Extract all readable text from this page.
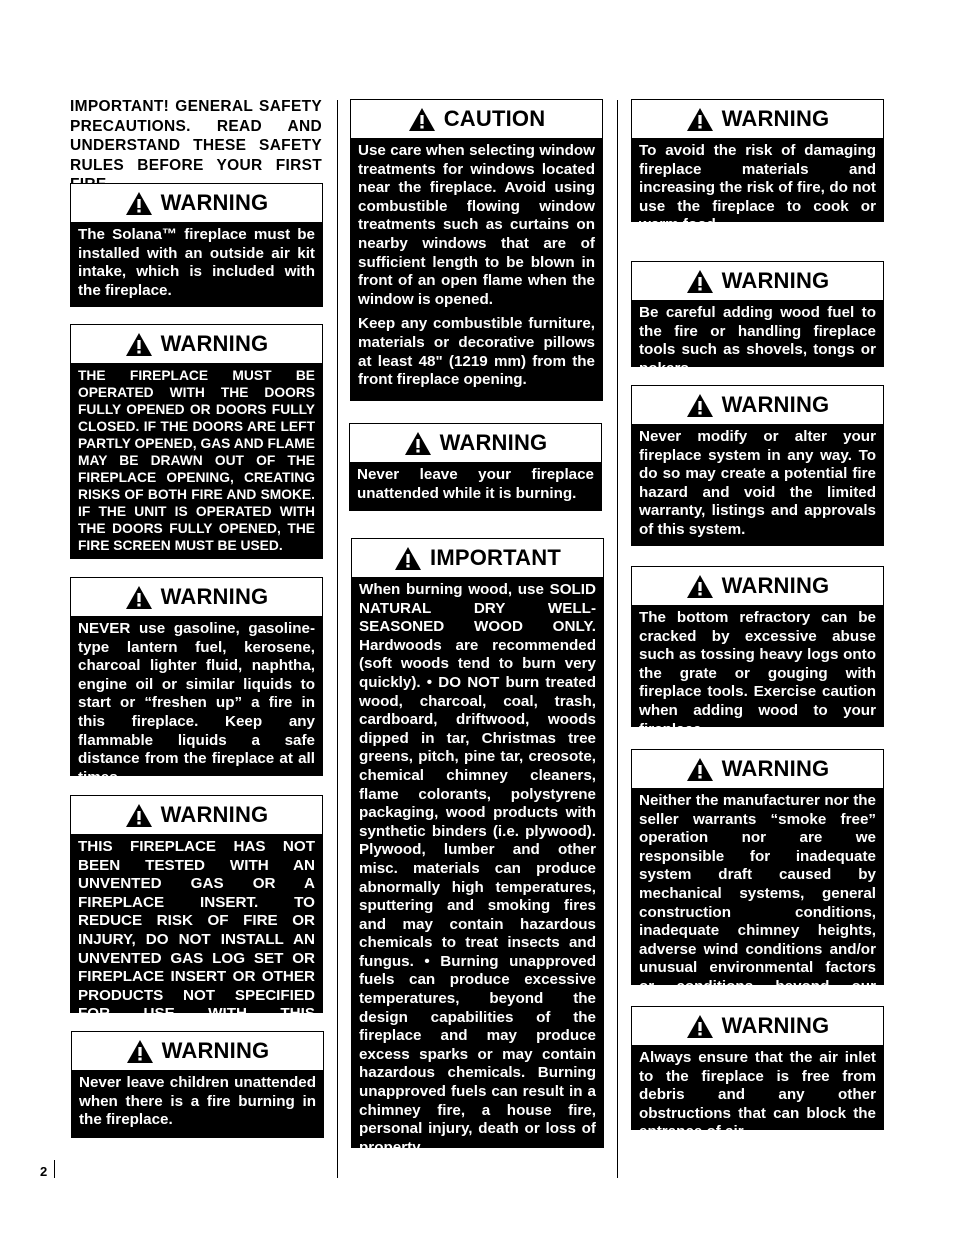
IMPORTANT! GENERAL SAFETY PRECAUTIONS. READ AND UNDERSTAND THESE SAFETY RULES BEFORE YOUR FIRST
2
WARNING

The Solana™ fireplace must be installed with an outside air kit intake, which is included with the fireplace.

WARNING

THE FIREPLACE MUST BE OPERATED WITH THE DOORS FULLY OPENED OR DOORS FULLY CLOSED. IF THE DOORS ARE LEFT PARTLY OPENED, GAS AND FLAME MAY BE DRAWN OUT OF THE FIREPLACE OPENING, CREATING RISKS OF BOTH FIRE AND SMOKE. IF THE UNIT IS OPERATED WITH THE DOORS FULLY OPENED, THE FIRE SCREEN MUST BE USED.

WARNING

NEVER use gasoline, gasoline-type lantern fuel, kerosene, charcoal lighter fluid, naphtha, engine oil or similar liquids to start or “freshen up” a fire in this fireplace. Keep any flammable liquids a safe distance from the fireplace at all times.

WARNING

THIS FIREPLACE HAS NOT BEEN TESTED WITH AN UNVENTED GAS OR A FIREPLACE INSERT. TO REDUCE RISK OF FIRE OR INJURY, DO NOT INSTALL AN UNVENTED GAS LOG SET OR FIREPLACE INSERT OR OTHER PRODUCTS NOT SPECIFIED FOR USE WITH THIS

WARNING

Never leave children unattended when there is a fire burning in the fireplace.

CAUTION

Use care when selecting window treatments for windows located near the fireplace. Avoid using combustible flowing window treatments such as curtains on nearby windows that are of sufficient length to be blown in front of an open flame when the window is opened.

Keep any combustible furniture, materials or decorative pillows at least 48" (1219 mm) from the front fireplace opening.

WARNING

Never leave your fireplace unattended while it is burning.

IMPORTANT

When burning wood, use SOLID NATURAL DRY WELL-SEASONED WOOD ONLY. Hardwoods are recommended (soft woods tend to burn very quickly). • DO NOT burn treated wood, charcoal, coal, trash, cardboard, driftwood, woods dipped in tar, Christmas tree greens, pitch, pine tar, creosote, chemical chimney cleaners, flame colorants, polystyrene packaging, wood products with synthetic binders (i.e. plywood). Plywood, lumber and other misc. materials can produce abnormally high temperatures, sputtering and smoking fires and may contain hazardous chemicals to treat insects and fungus. • Burning unapproved fuels can produce excessive temperatures, beyond the design capabilities of the fireplace and may produce excess sparks or may contain hazardous chemicals. Burning unapproved fuels can result in a chimney fire, a house fire, personal injury, death or loss of property.

WARNING

To avoid the risk of damaging fireplace materials and increasing the risk of fire, do not use the fireplace to cook or warm food.

WARNING

Be careful adding wood fuel to the fire or handling fireplace tools such as shovels, tongs or pokers.

WARNING

Never modify or alter your fireplace system in any way. To do so may create a potential fire hazard and void the limited warranty, listings and approvals of this system.

WARNING

The bottom refractory can be cracked by excessive abuse such as tossing heavy logs onto the grate or gouging with fireplace tools. Exercise caution when adding wood to your fireplace.

WARNING

Neither the manufacturer nor the seller warrants “smoke free” operation nor are we responsible for inadequate system draft caused by mechanical systems, general construction conditions, inadequate chimney heights, adverse wind conditions and/or unusual environmental factors or conditions beyond our

WARNING

Always ensure that the air inlet to the fireplace is free from debris and any other obstructions that can block the entrance of air.
